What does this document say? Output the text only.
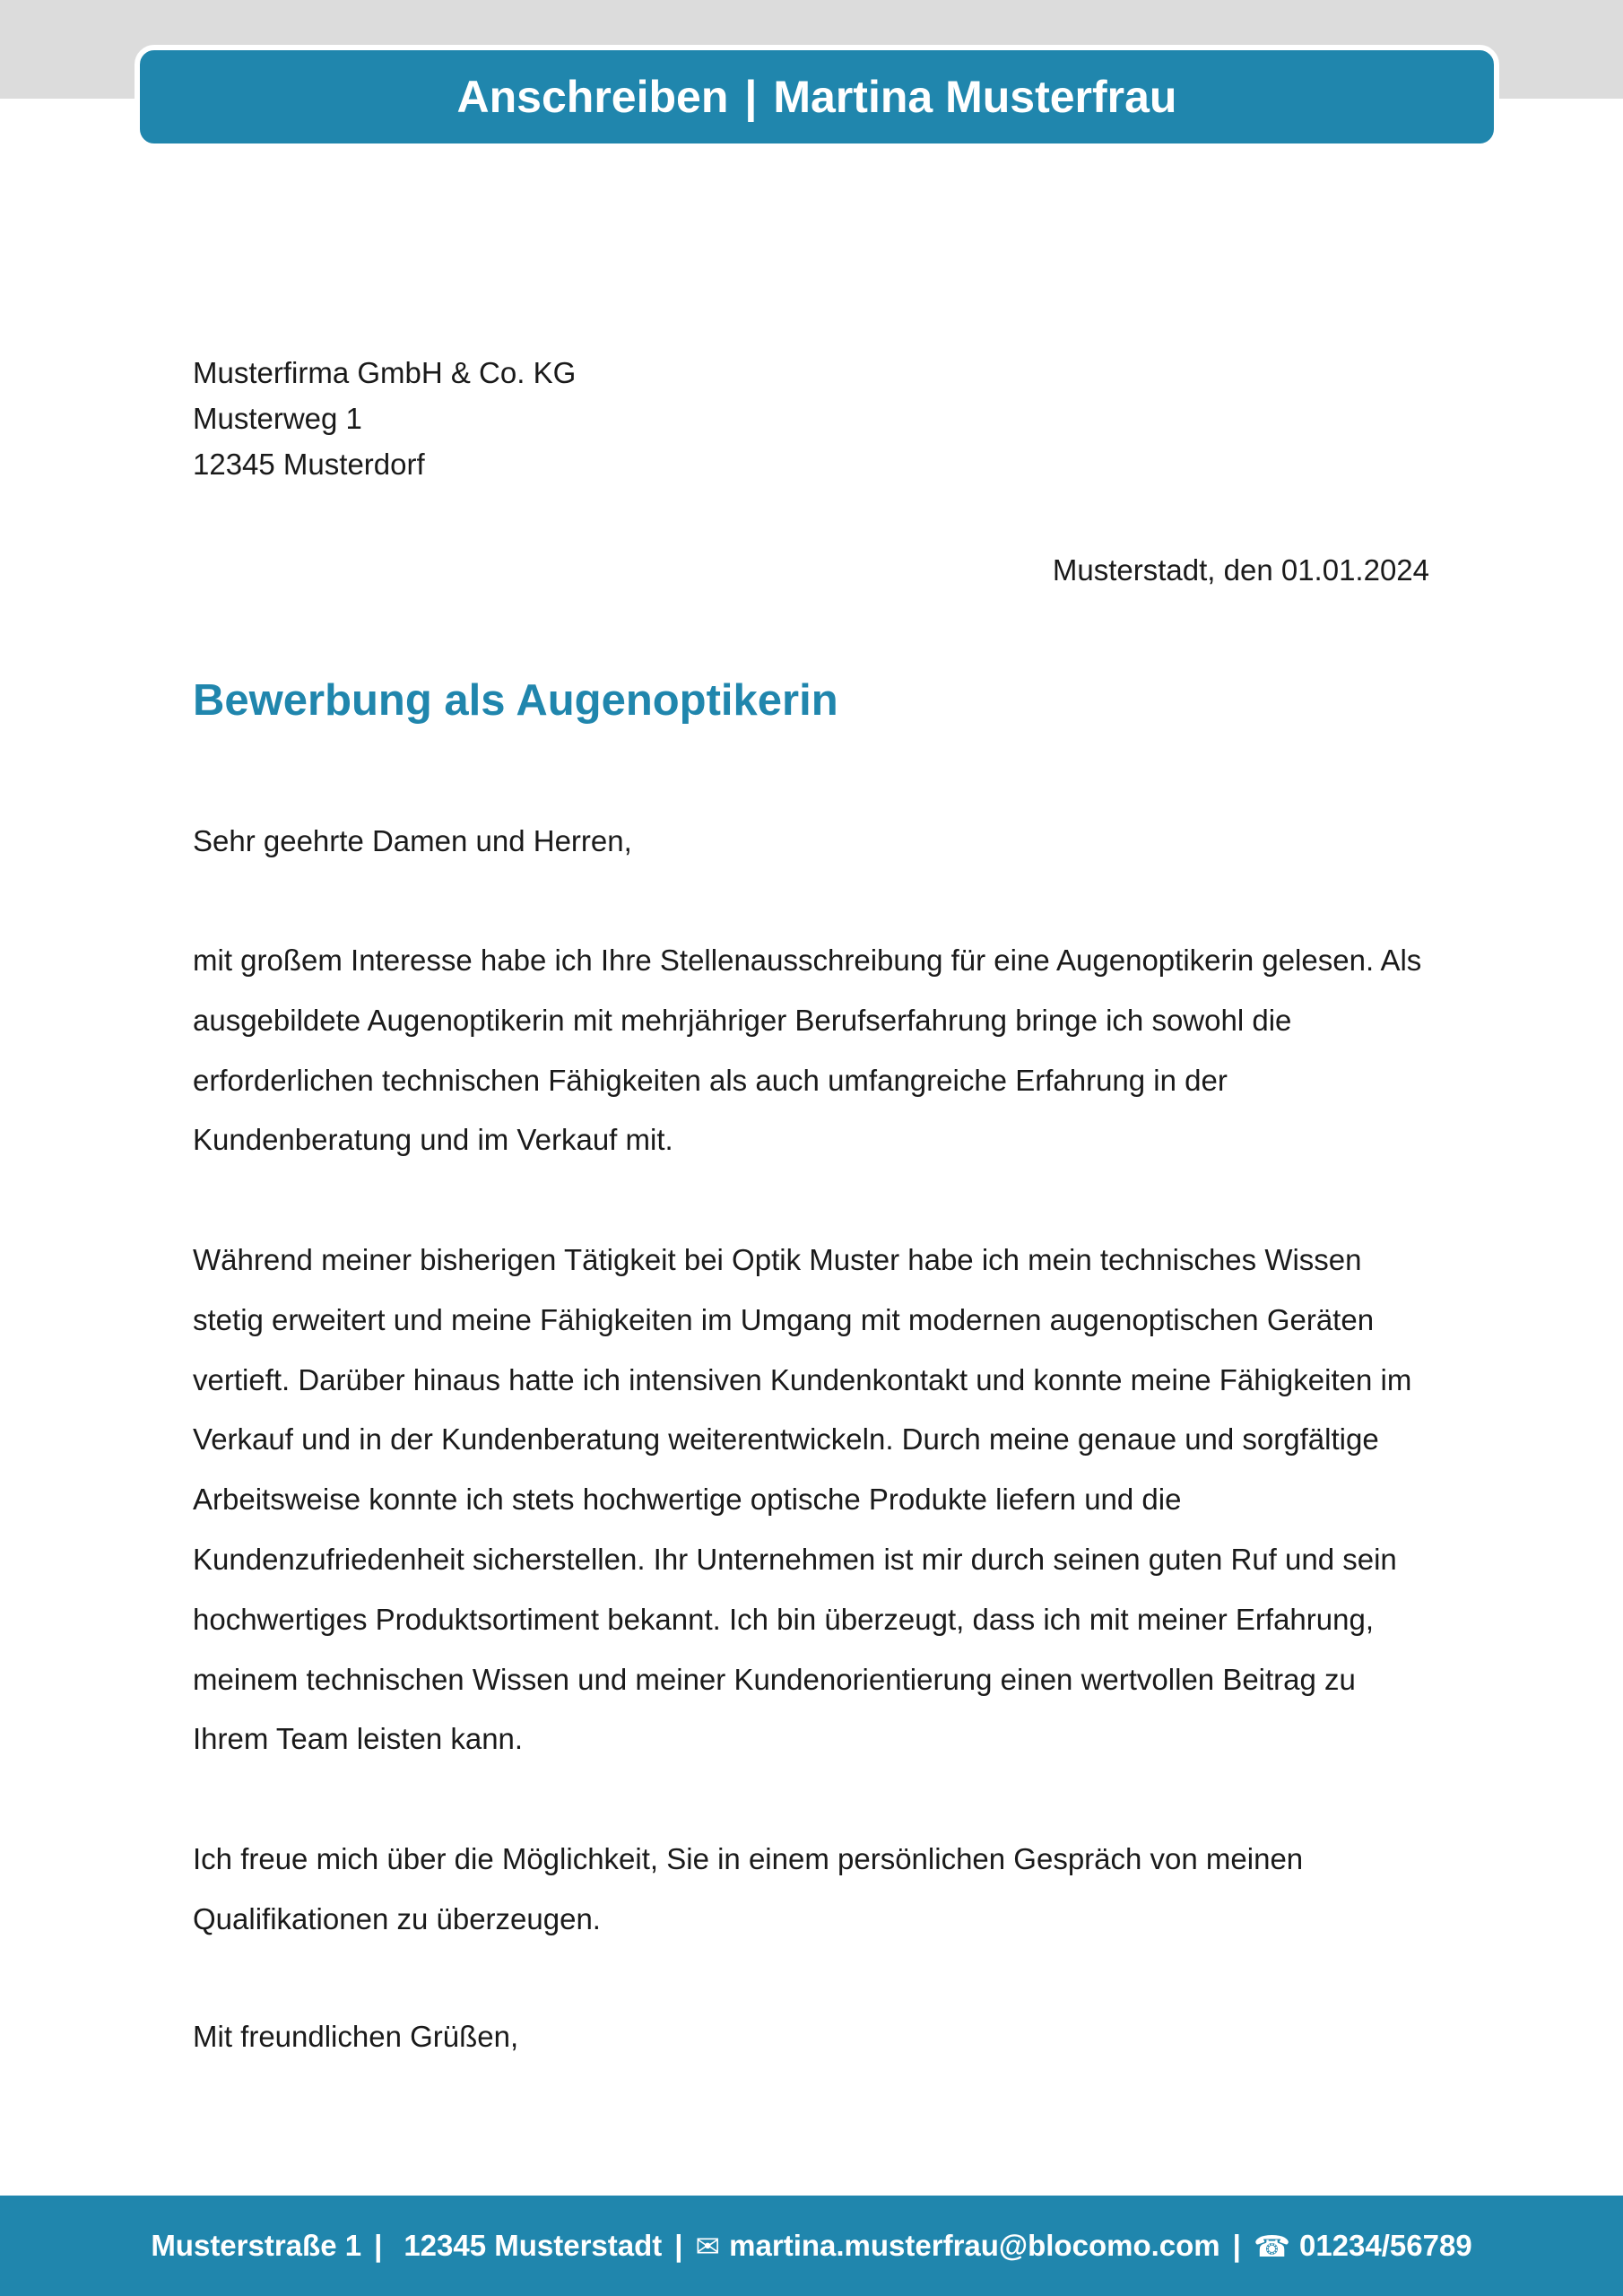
Anschreiben | Martina Musterfrau
Musterfirma GmbH & Co. KG
Musterweg 1
12345 Musterdorf
Musterstadt, den 01.01.2024
Bewerbung als Augenoptikerin
Sehr geehrte Damen und Herren,

mit großem Interesse habe ich Ihre Stellenausschreibung für eine Augenoptikerin gelesen. Als ausgebildete Augenoptikerin mit mehrjähriger Berufserfahrung bringe ich sowohl die erforderlichen technischen Fähigkeiten als auch umfangreiche Erfahrung in der Kundenberatung und im Verkauf mit.

Während meiner bisherigen Tätigkeit bei Optik Muster habe ich mein technisches Wissen stetig erweitert und meine Fähigkeiten im Umgang mit modernen augenoptischen Geräten vertieft. Darüber hinaus hatte ich intensiven Kundenkontakt und konnte meine Fähigkeiten im Verkauf und in der Kundenberatung weiterentwickeln. Durch meine genaue und sorgfältige Arbeitsweise konnte ich stets hochwertige optische Produkte liefern und die Kundenzufriedenheit sicherstellen. Ihr Unternehmen ist mir durch seinen guten Ruf und sein hochwertiges Produktsortiment bekannt. Ich bin überzeugt, dass ich mit meiner Erfahrung, meinem technischen Wissen und meiner Kundenorientierung einen wertvollen Beitrag zu Ihrem Team leisten kann.

Ich freue mich über die Möglichkeit, Sie in einem persönlichen Gespräch von meinen Qualifikationen zu überzeugen.

Mit freundlichen Grüßen,
Musterstraße 1 | 12345 Musterstadt | ✉ martina.musterfrau@blocomo.com | ☎ 01234/56789
